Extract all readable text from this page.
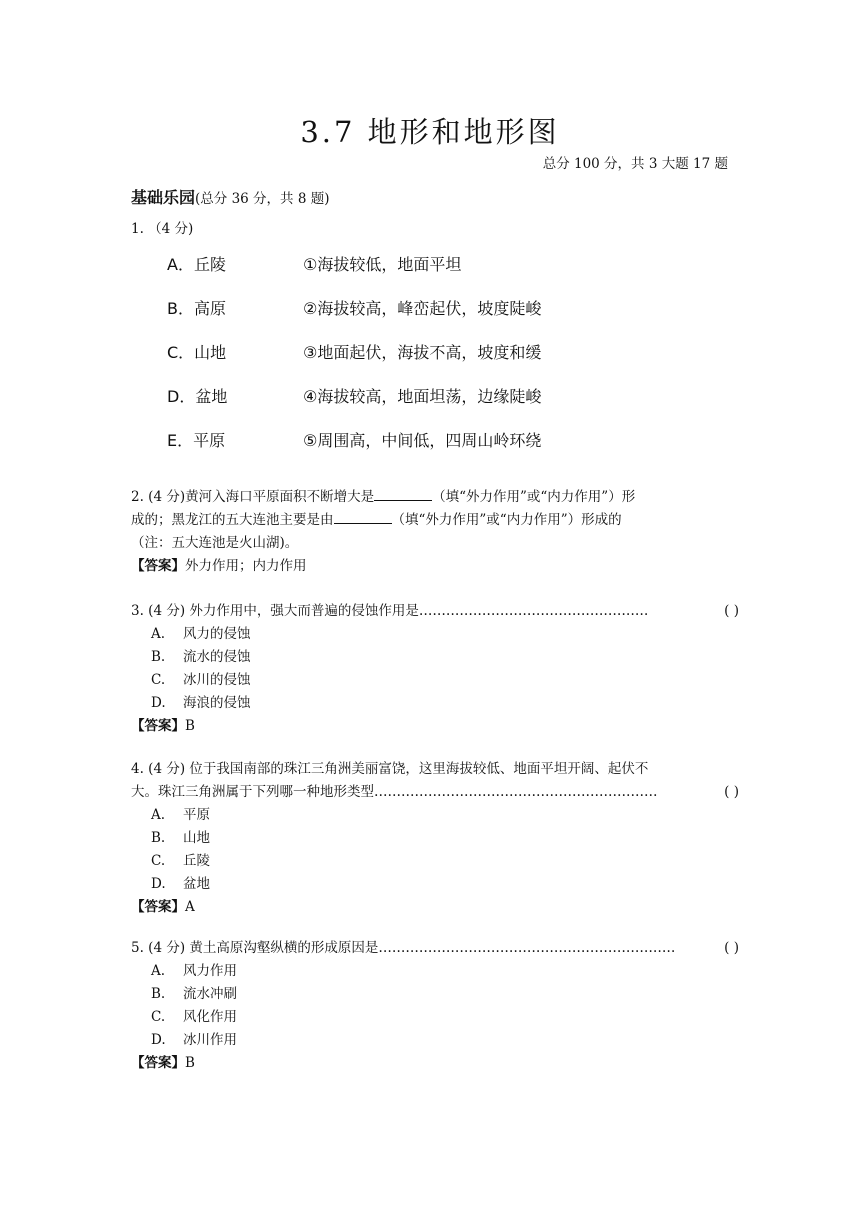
3.7 地形和地形图
总分 100 分，共 3 大题 17 题
基础乐园(总分 36 分，共 8 题)
1. （4 分)
A．丘陵	①海拔较低，地面平坦
B．高原	②海拔较高，峰峦起伏，坡度陡峻
C．山地	③地面起伏，海拔不高，坡度和缓
D．盆地	④海拔较高，地面坦荡，边缘陡峻
E．平原	⑤周围高，中间低，四周山岭环绕
2. (4 分)黄河入海口平原面积不断增大是	（填“外力作用”或“内力作用”）形
成的；黑龙江的五大连池主要是由	（填“外力作用”或“内力作用”）形成的
（注：五大连池是火山湖)。
【答案】外力作用；内力作用
3. (4 分) 外力作用中，强大而普遍的侵蚀作用是……………………………………………	( )
A. 风力的侵蚀
B. 流水的侵蚀
C. 冰川的侵蚀
D. 海浪的侵蚀
【答案】B
4. (4 分) 位于我国南部的珠江三角洲美丽富饶，这里海拔较低、地面平坦开阔、起伏不
大。珠江三角洲属于下列哪一种地形类型………………………………………………………	( )
A. 平原
B. 山地
C. 丘陵
D. 盆地
【答案】A
5. (4 分) 黄土高原沟壑纵横的形成原因是…………………………………………………………	( )
A. 风力作用
B. 流水冲刷
C. 风化作用
D. 冰川作用
【答案】B
